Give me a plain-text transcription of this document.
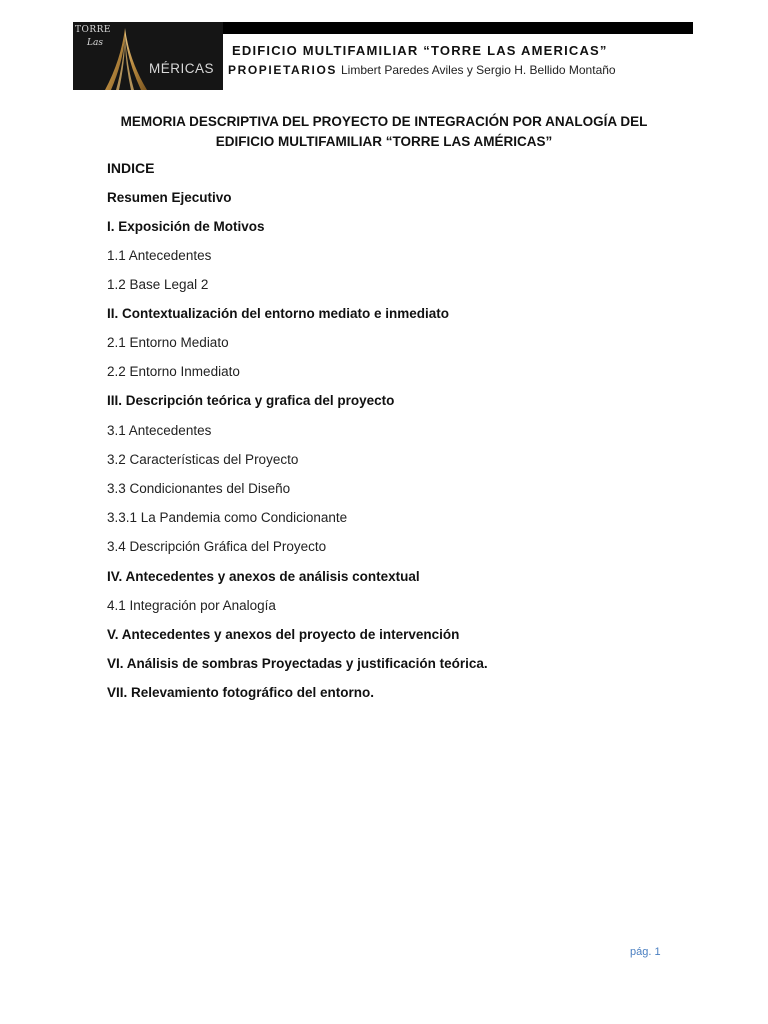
TORRE
Las
MÉRICAS
EDIFICIO MULTIFAMILIAR “TORRE LAS AMERICAS”
PROPIETARIOS Limbert Paredes Aviles y Sergio H. Bellido Montaño
MEMORIA DESCRIPTIVA DEL PROYECTO DE INTEGRACIÓN POR ANALOGÍA DEL
EDIFICIO MULTIFAMILIAR “TORRE LAS AMÉRICAS”
INDICE
Resumen Ejecutivo
I. Exposición de Motivos
1.1 Antecedentes
1.2 Base Legal 2
II. Contextualización del entorno mediato e inmediato
2.1 Entorno Mediato
2.2 Entorno Inmediato
III. Descripción teórica y grafica del proyecto
3.1 Antecedentes
3.2 Características del Proyecto
3.3 Condicionantes del Diseño
3.3.1 La Pandemia como Condicionante
3.4 Descripción Gráfica del Proyecto
IV. Antecedentes y anexos de análisis contextual
4.1 Integración por Analogía
V. Antecedentes y anexos del proyecto de intervención
VI. Análisis de sombras Proyectadas y justificación teórica.
VII. Relevamiento fotográfico del entorno.
pág. 1
